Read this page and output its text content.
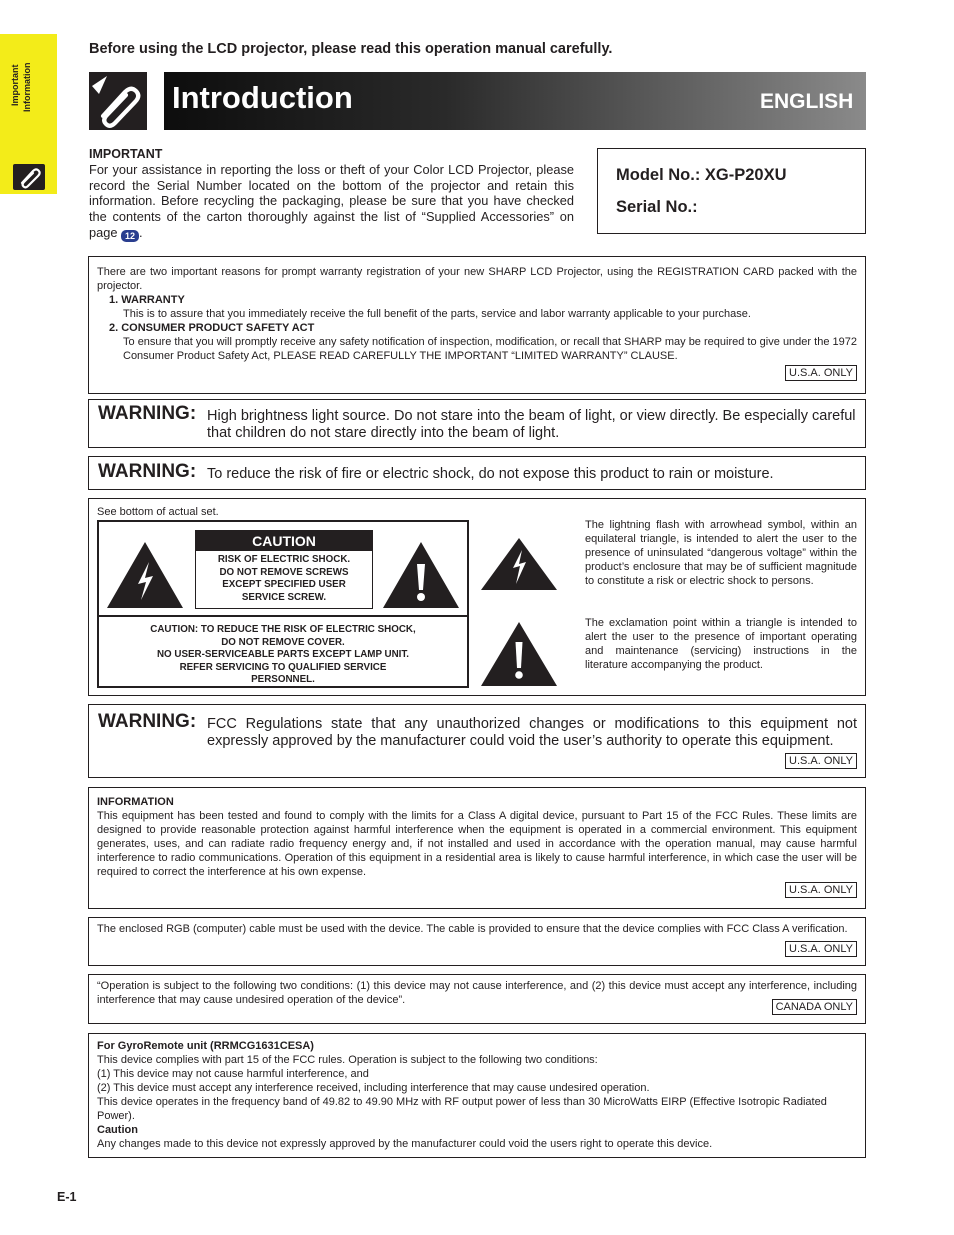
Important Information
Before using the LCD projector, please read this operation manual carefully.
Introduction	ENGLISH
IMPORTANT
For your assistance in reporting the loss or theft of your Color LCD Projector, please record the Serial Number located on the bottom of the projector and retain this information. Before recycling the packaging, please be sure that you have checked the contents of the carton thoroughly against the list of “Supplied Accessories” on page 12 .
Model No.: XG-P20XU
Serial No.:
There are two important reasons for prompt warranty registration of your new SHARP LCD Projector, using the REGISTRATION CARD packed with the projector.
1. WARRANTY
This is to assure that you immediately receive the full benefit of the parts, service and labor warranty applicable to your purchase.
2. CONSUMER PRODUCT SAFETY ACT
To ensure that you will promptly receive any safety notification of inspection, modification, or recall that SHARP may be required to give under the 1972 Consumer Product Safety Act, PLEASE READ CAREFULLY THE IMPORTANT “LIMITED WARRANTY” CLAUSE.
U.S.A. ONLY
WARNING: High brightness light source. Do not stare into the beam of light, or view directly. Be especially careful that children do not stare directly into the beam of light.
WARNING: To reduce the risk of fire or electric shock, do not expose this product to rain or moisture.
See bottom of actual set.
CAUTION
RISK OF ELECTRIC SHOCK.
DO NOT REMOVE SCREWS
EXCEPT SPECIFIED USER
SERVICE SCREW.
CAUTION: TO REDUCE THE RISK OF ELECTRIC SHOCK,
DO NOT REMOVE COVER.
NO USER-SERVICEABLE PARTS EXCEPT LAMP UNIT.
REFER SERVICING TO QUALIFIED SERVICE
PERSONNEL.
The lightning flash with arrowhead symbol, within an equilateral triangle, is intended to alert the user to the presence of uninsulated “dangerous voltage” within the product’s enclosure that may be of sufficient magnitude to constitute a risk or electric shock to persons.
The exclamation point within a triangle is intended to alert the user to the presence of important operating and maintenance (servicing) instructions in the literature accompanying the product.
WARNING: FCC Regulations state that any unauthorized changes or modifications to this equipment not expressly approved by the manufacturer could void the user’s authority to operate this equipment.
U.S.A. ONLY
INFORMATION
This equipment has been tested and found to comply with the limits for a Class A digital device, pursuant to Part 15 of the FCC Rules. These limits are designed to provide reasonable protection against harmful interference when the equipment is operated in a commercial environment. This equipment generates, uses, and can radiate radio frequency energy and, if not installed and used in accordance with the operation manual, may cause harmful interference to radio communications. Operation of this equipment in a residential area is likely to cause harmful interference, in which case the user will be required to correct the interference at his own expense.
U.S.A. ONLY
The enclosed RGB (computer) cable must be used with the device. The cable is provided to ensure that the device complies with FCC Class A verification.
U.S.A. ONLY
“Operation is subject to the following two conditions: (1) this device may not cause interference, and (2) this device must accept any interference, including interference that may cause undesired operation of the device”.
CANADA ONLY
For GyroRemote unit (RRMCG1631CESA)
This device complies with part 15 of the FCC rules. Operation is subject to the following two conditions:
(1) This device may not cause harmful interference, and
(2) This device must accept any interference received, including interference that may cause undesired operation.
This device operates in the frequency band of 49.82 to 49.90 MHz with RF output power of less than 30 MicroWatts EIRP (Effective Isotropic Radiated Power).
Caution
Any changes made to this device not expressly approved by the manufacturer could void the users right to operate this device.
E-1
